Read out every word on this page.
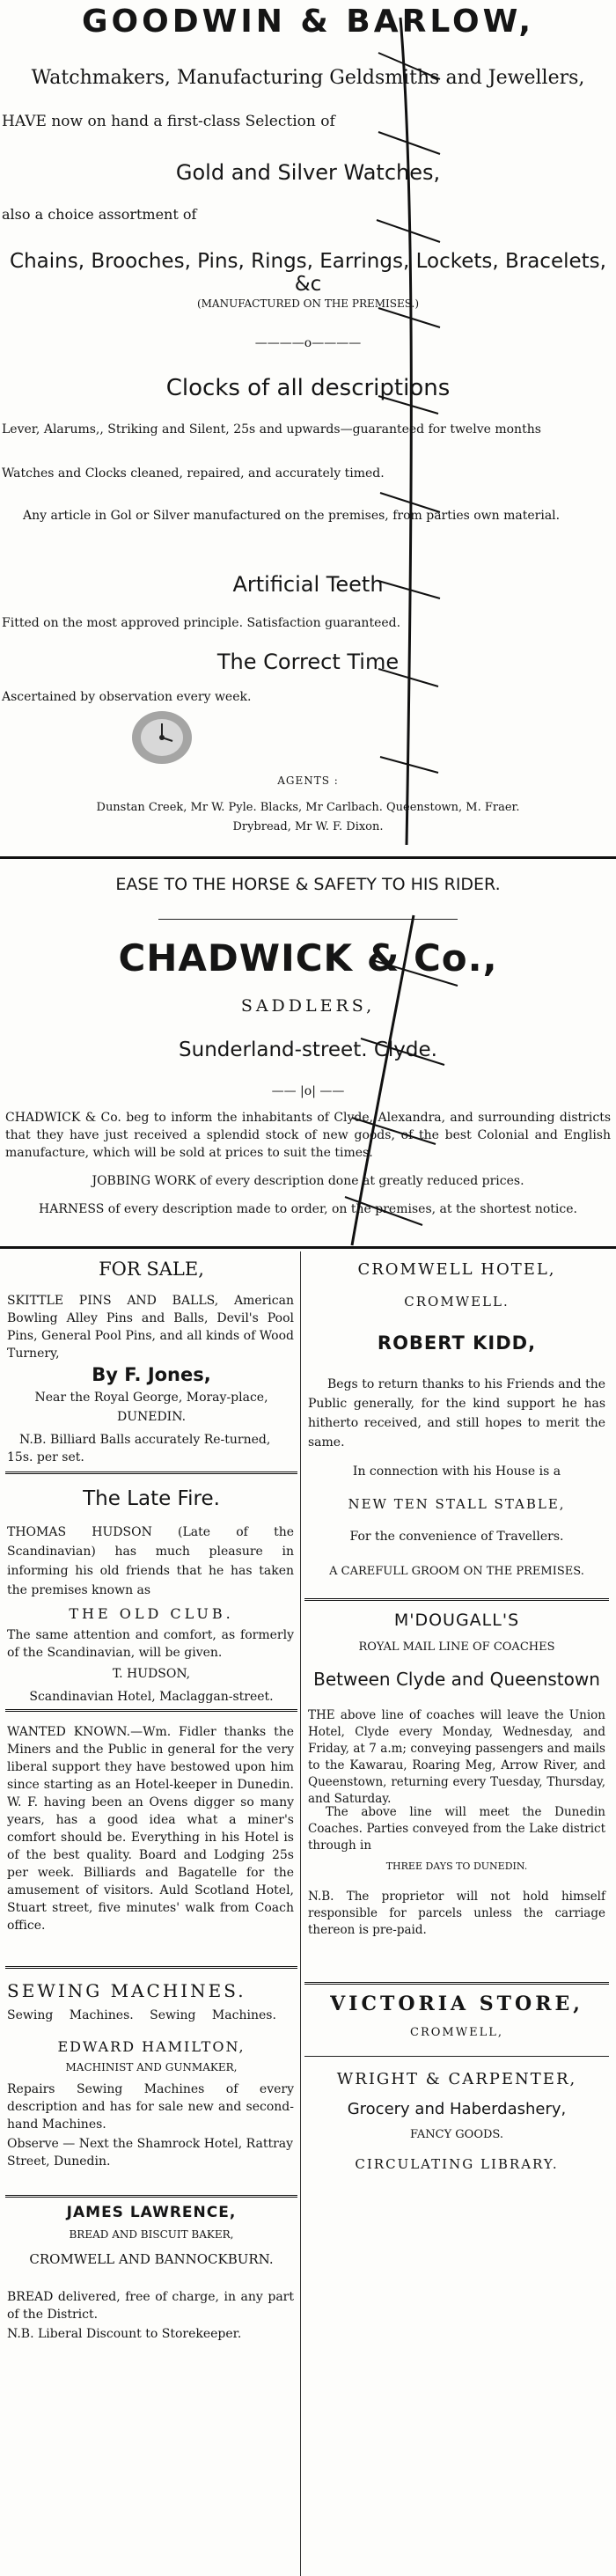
GOODWIN & BARLOW,
Watchmakers, Manufacturing Geldsmiths and Jewellers,
HAVE now on hand a first-class Selection of
Gold and Silver Watches,
also a choice assortment of
Chains, Brooches, Pins, Rings, Earrings, Lockets, Bracelets, &c
(MANUFACTURED ON THE PREMISES.)
————o————
Clocks of all descriptions
Lever, Alarums,, Striking and Silent, 25s and upwards—guaranteed for twelve months
Watches and Clocks cleaned, repaired, and accurately timed.
Any article in Gol or Silver manufactured on the premises, from parties own material.
Artificial Teeth
Fitted on the most approved principle. Satisfaction guaranteed.
The Correct Time
Ascertained by observation every week.
AGENTS :
Dunstan Creek, Mr W. Pyle. Blacks, Mr Carlbach. Queenstown, M. Fraer.
Drybread, Mr W. F. Dixon.
EASE TO THE HORSE & SAFETY TO HIS RIDER.
CHADWICK & Co.,
SADDLERS,
Sunderland-street. Clyde.
—— |o| ——
CHADWICK & Co. beg to inform the inhabitants of Clyde, Alexandra, and surrounding districts that they have just received a splendid stock of new goods, of the best Colonial and English manufacture, which will be sold at prices to suit the times.
JOBBING WORK of every description done at greatly reduced prices.
HARNESS of every description made to order, on the premises, at the shortest notice.
FOR SALE,
SKITTLE PINS AND BALLS, American Bowling Alley Pins and Balls, Devil's Pool Pins, General Pool Pins, and all kinds of Wood Turnery,
By F. Jones,
Near the Royal George, Moray-place,
DUNEDIN.
N.B. Billiard Balls accurately Re-turned, 15s. per set.
The Late Fire.
THOMAS HUDSON (Late of the Scandinavian) has much pleasure in informing his old friends that he has taken the premises known as
THE OLD CLUB.
The same attention and comfort, as formerly of the Scandinavian, will be given.
T. HUDSON,
Scandinavian Hotel, Maclaggan-street.
WANTED KNOWN.—Wm. Fidler thanks the Miners and the Public in general for the very liberal support they have bestowed upon him since starting as an Hotel-keeper in Dunedin. W. F. having been an Ovens digger so many years, has a good idea what a miner's comfort should be. Everything in his Hotel is of the best quality. Board and Lodging 25s per week. Billiards and Bagatelle for the amusement of visitors. Auld Scotland Hotel, Stuart street, five minutes' walk from Coach office.
SEWING MACHINES.
Sewing Machines. Sewing Machines.
EDWARD HAMILTON,
MACHINIST AND GUNMAKER,
Repairs Sewing Machines of every description and has for sale new and second-hand Machines.
Observe — Next the Shamrock Hotel, Rattray Street, Dunedin.
JAMES LAWRENCE,
BREAD AND BISCUIT BAKER,
CROMWELL AND BANNOCKBURN.
BREAD delivered, free of charge, in any part of the District.
N.B. Liberal Discount to Storekeeper.
CROMWELL HOTEL,
CROMWELL.
ROBERT KIDD,
Begs to return thanks to his Friends and the Public generally, for the kind support he has hitherto received, and still hopes to merit the same.
In connection with his House is a
NEW TEN STALL STABLE,
For the convenience of Travellers.
A CAREFULL GROOM ON THE PREMISES.
M'DOUGALL'S
ROYAL MAIL LINE OF COACHES
Between Clyde and Queenstown
THE above line of coaches will leave the Union Hotel, Clyde every Monday, Wednesday, and Friday, at 7 a.m; conveying passengers and mails to the Kawarau, Roaring Meg, Arrow River, and Queenstown, returning every Tuesday, Thursday, and Saturday.
The above line will meet the Dunedin Coaches. Parties conveyed from the Lake district through in
THREE DAYS TO DUNEDIN.
N.B. The proprietor will not hold himself responsible for parcels unless the carriage thereon is pre-paid.
VICTORIA STORE,
CROMWELL,
WRIGHT & CARPENTER,
Grocery and Haberdashery,
FANCY GOODS.
CIRCULATING LIBRARY.
